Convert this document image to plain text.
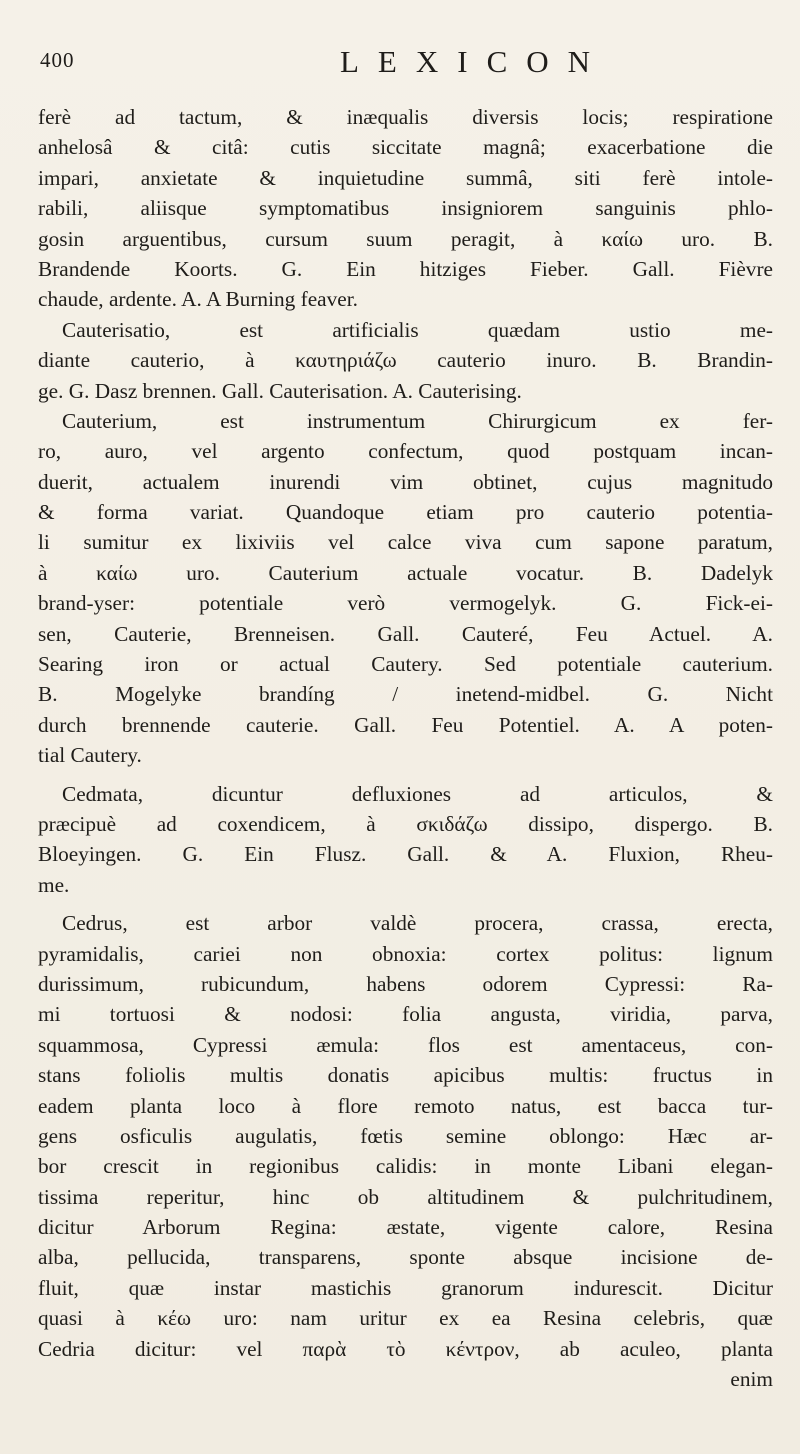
400	LEXICON
ferè ad tactum, & inæqualis diversis locis; respiratione
anhelosâ & citâ: cutis siccitate magnâ; exacerbatione die
impari, anxietate & inquietudine summâ, siti ferè intole-
rabili, aliisque symptomatibus insigniorem sanguinis phlo-
gosin arguentibus, cursum suum peragit, à καίω uro. B.
Brandende Koorts. G. Ein hitziges Fieber. Gall. Fièvre
chaude, ardente. A. A Burning feaver.
Cauterisatio, est artificialis quædam ustio me-
diante cauterio, à καυτηριάζω cauterio inuro. B. Brandin-
ge. G. Dasz brennen. Gall. Cauterisation. A. Cauterising.
Cauterium, est instrumentum Chirurgicum ex fer-
ro, auro, vel argento confectum, quod postquam incan-
duerit, actualem inurendi vim obtinet, cujus magnitudo
& forma variat. Quandoque etiam pro cauterio potentia-
li sumitur ex lixiviis vel calce viva cum sapone paratum,
à καίω uro. Cauterium actuale vocatur. B. Dadelyk
brand-yser: potentiale verò vermogelyk. G. Fick-ei-
sen, Cauterie, Brenneisen. Gall. Cauteré, Feu Actuel. A.
Searing iron or actual Cautery. Sed potentiale cauterium.
B. Mogelyke brandíng / inetend-midbel. G. Nicht
durch brennende cauterie. Gall. Feu Potentiel. A. A poten-
tial Cautery.
Cedmata, dicuntur defluxiones ad articulos, &
præcipuè ad coxendicem, à σκιδάζω dissipo, dispergo. B.
Bloeyingen. G. Ein Flusz. Gall. & A. Fluxion, Rheu-
me.
Cedrus, est arbor valdè procera, crassa, erecta,
pyramidalis, cariei non obnoxia: cortex politus: lignum
durissimum, rubicundum, habens odorem Cypressi: Ra-
mi tortuosi & nodosi: folia angusta, viridia, parva,
squammosa, Cypressi æmula: flos est amentaceus, con-
stans foliolis multis donatis apicibus multis: fructus in
eadem planta loco à flore remoto natus, est bacca tur-
gens osficulis augulatis, fœtis semine oblongo: Hæc ar-
bor crescit in regionibus calidis: in monte Libani elegan-
tissima reperitur, hinc ob altitudinem & pulchritudinem,
dicitur Arborum Regina: æstate, vigente calore, Resina
alba, pellucida, transparens, sponte absque incisione de-
fluit, quæ instar mastichis granorum indurescit. Dicitur
quasi à κέω uro: nam uritur ex ea Resina celebris, quæ
Cedria dicitur: vel παρὰ τὸ κέντρον, ab aculeo, planta
enim
